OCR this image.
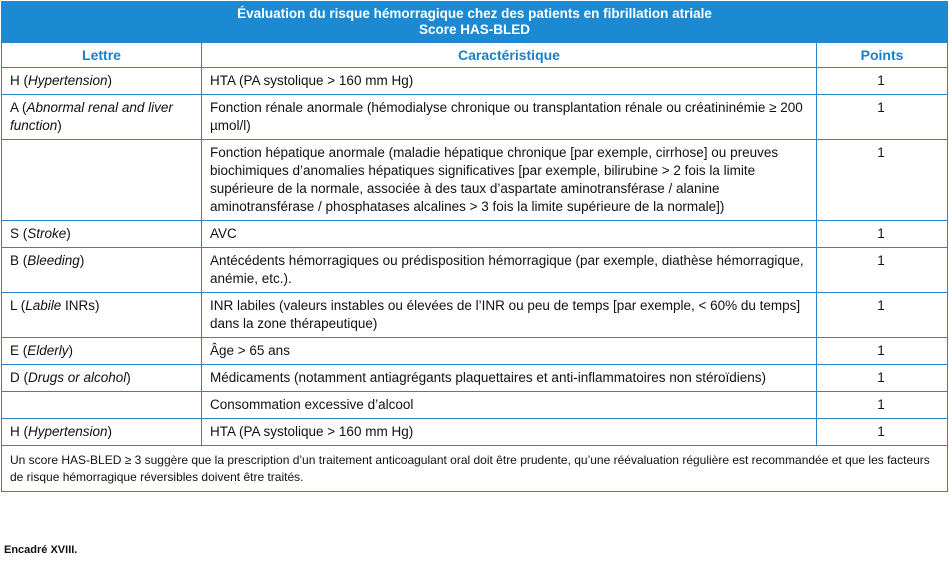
Évaluation du risque hémorragique chez des patients en fibrillation atriale
Score HAS-BLED		

Lettre	Caractéristique	Points
H (Hypertension)	HTA (PA systolique > 160 mm Hg)	1
A (Abnormal renal and liver function)	Fonction rénale anormale (hémodialyse chronique ou transplantation rénale ou créatininémie ≥ 200 µmol/l)	1
	Fonction hépatique anormale (maladie hépatique chronique [par exemple, cirrhose] ou preuves biochimiques d’anomalies hépatiques significatives [par exemple, bilirubine > 2 fois la limite supérieure de la normale, associée à des taux d’aspartate aminotransférase / alanine aminotransférase / phosphatases alcalines > 3 fois la limite supérieure de la normale])	1
S (Stroke)	AVC	1
B (Bleeding)	Antécédents hémorragiques ou prédisposition hémorragique (par exemple, diathèse hémorragique, anémie, etc.).	1
L (Labile INRs)	INR labiles (valeurs instables ou élevées de l’INR ou peu de temps [par exemple, < 60% du temps] dans la zone thérapeutique)	1
E (Elderly)	Âge > 65 ans	1
D (Drugs or alcohol)	Médicaments (notamment antiagrégants plaquettaires et anti-inflammatoires non stéroïdiens)	1
	Consommation excessive d’alcool	1
H (Hypertension)	HTA (PA systolique > 160 mm Hg)	1
Un score HAS-BLED ≥ 3 suggère que la prescription d’un traitement anticoagulant oral doit être prudente, qu’une réévaluation régulière est recommandée et que les facteurs de risque hémorragique réversibles doivent être traités.		
Encadré XVIII.
